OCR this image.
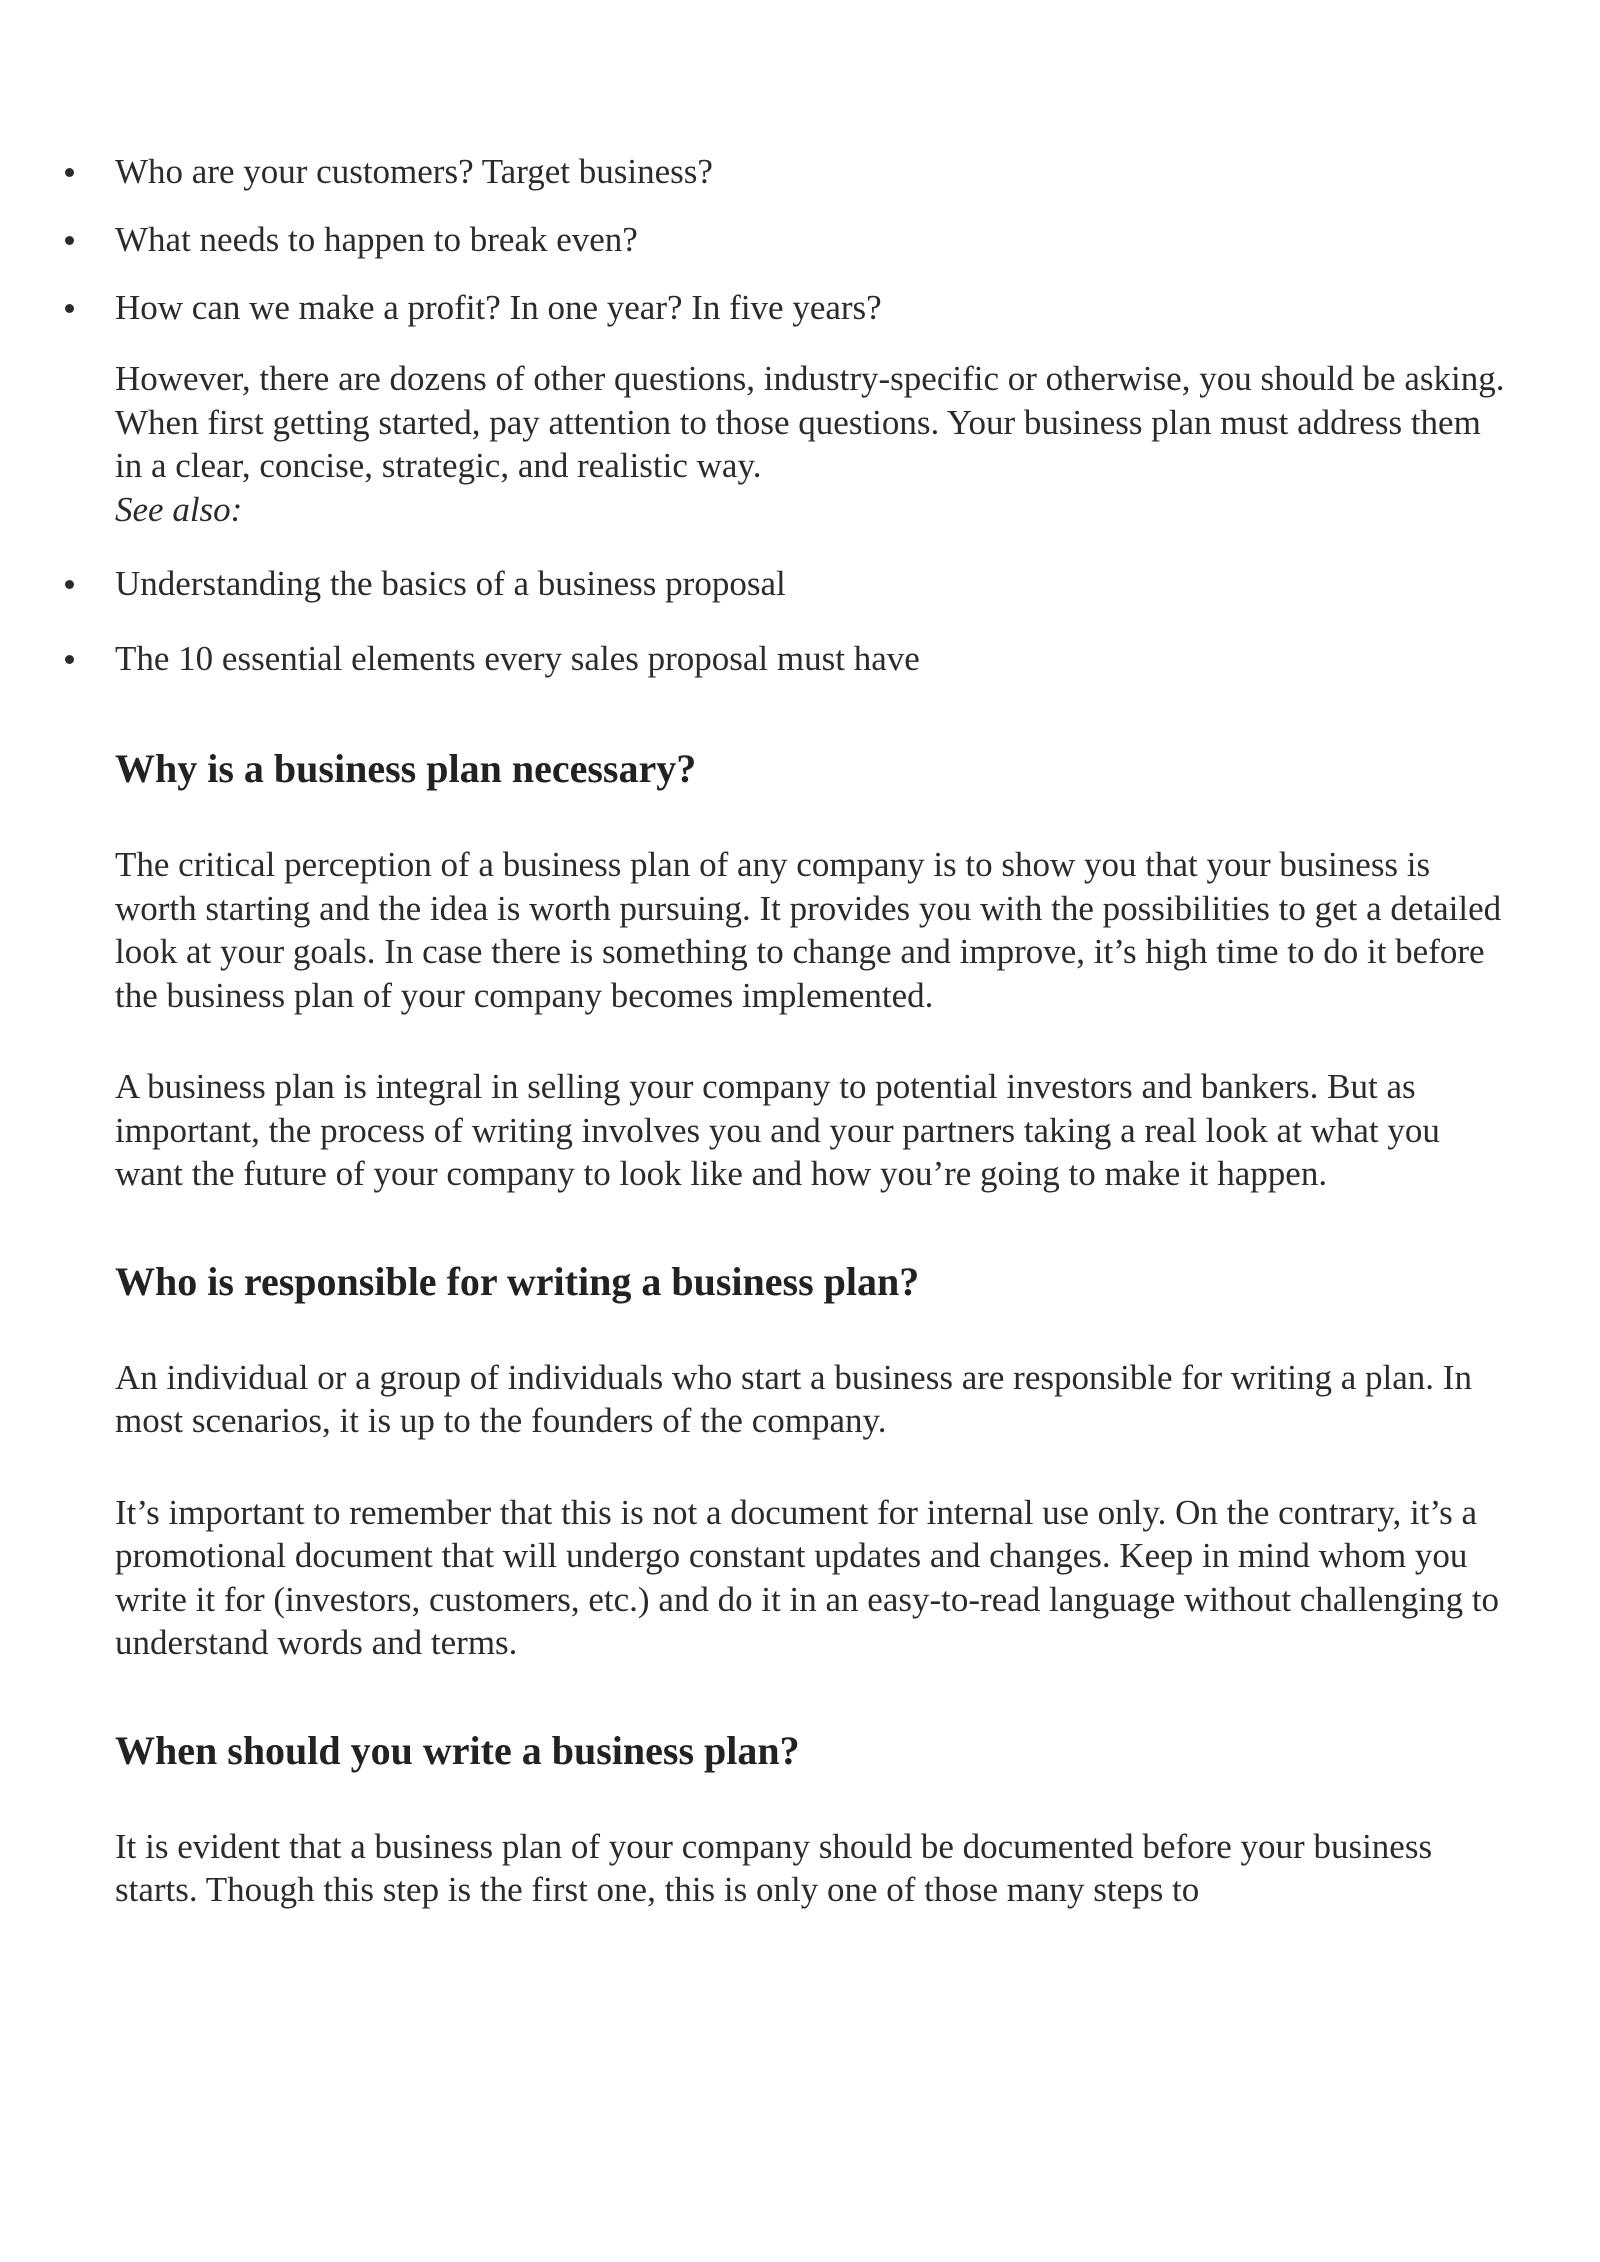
Who are your customers? Target business?
What needs to happen to break even?
How can we make a profit? In one year? In five years?

However, there are dozens of other questions, industry-specific or otherwise, you should be asking. When first getting started, pay attention to those questions. Your business plan must address them in a clear, concise, strategic, and realistic way.
See also:

Understanding the basics of a business proposal
The 10 essential elements every sales proposal must have
Why is a business plan necessary?

The critical perception of a business plan of any company is to show you that your business is worth starting and the idea is worth pursuing. It provides you with the possibilities to get a detailed look at your goals. In case there is something to change and improve, it’s high time to do it before the business plan of your company becomes implemented.

A business plan is integral in selling your company to potential investors and bankers. But as important, the process of writing involves you and your partners taking a real look at what you want the future of your company to look like and how you’re going to make it happen.

Who is responsible for writing a business plan?

An individual or a group of individuals who start a business are responsible for writing a plan. In most scenarios, it is up to the founders of the company.

It’s important to remember that this is not a document for internal use only. On the contrary, it’s a promotional document that will undergo constant updates and changes. Keep in mind whom you write it for (investors, customers, etc.) and do it in an easy-to-read language without challenging to understand words and terms.

When should you write a business plan?

It is evident that a business plan of your company should be documented before your business starts. Though this step is the first one, this is only one of those many steps to
